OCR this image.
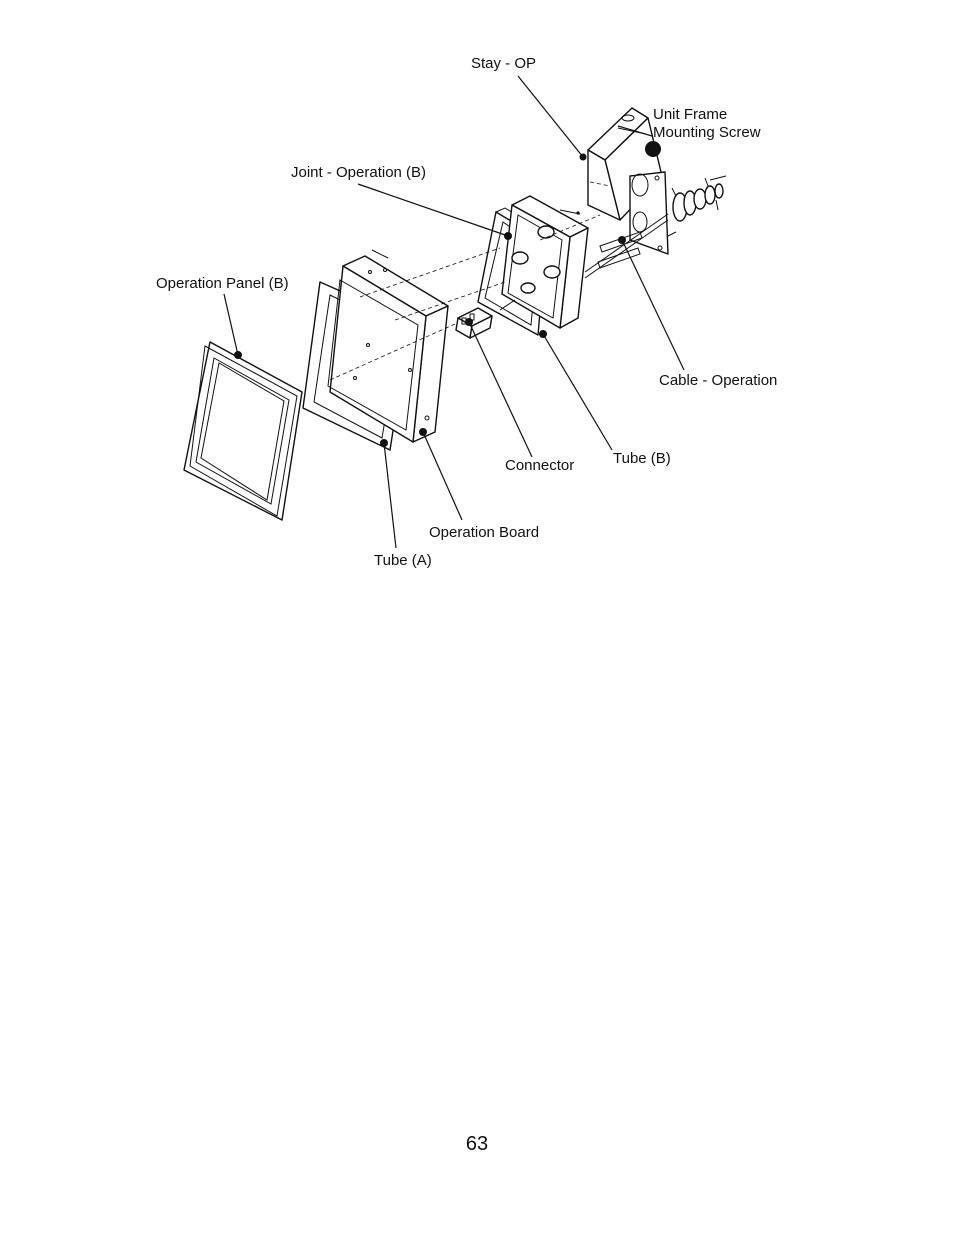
Stay - OP
Unit Frame
Mounting Screw
Joint - Operation (B)
Operation Panel (B)
Cable - Operation
Tube (B)
Connector
Operation Board
Tube (A)
63
